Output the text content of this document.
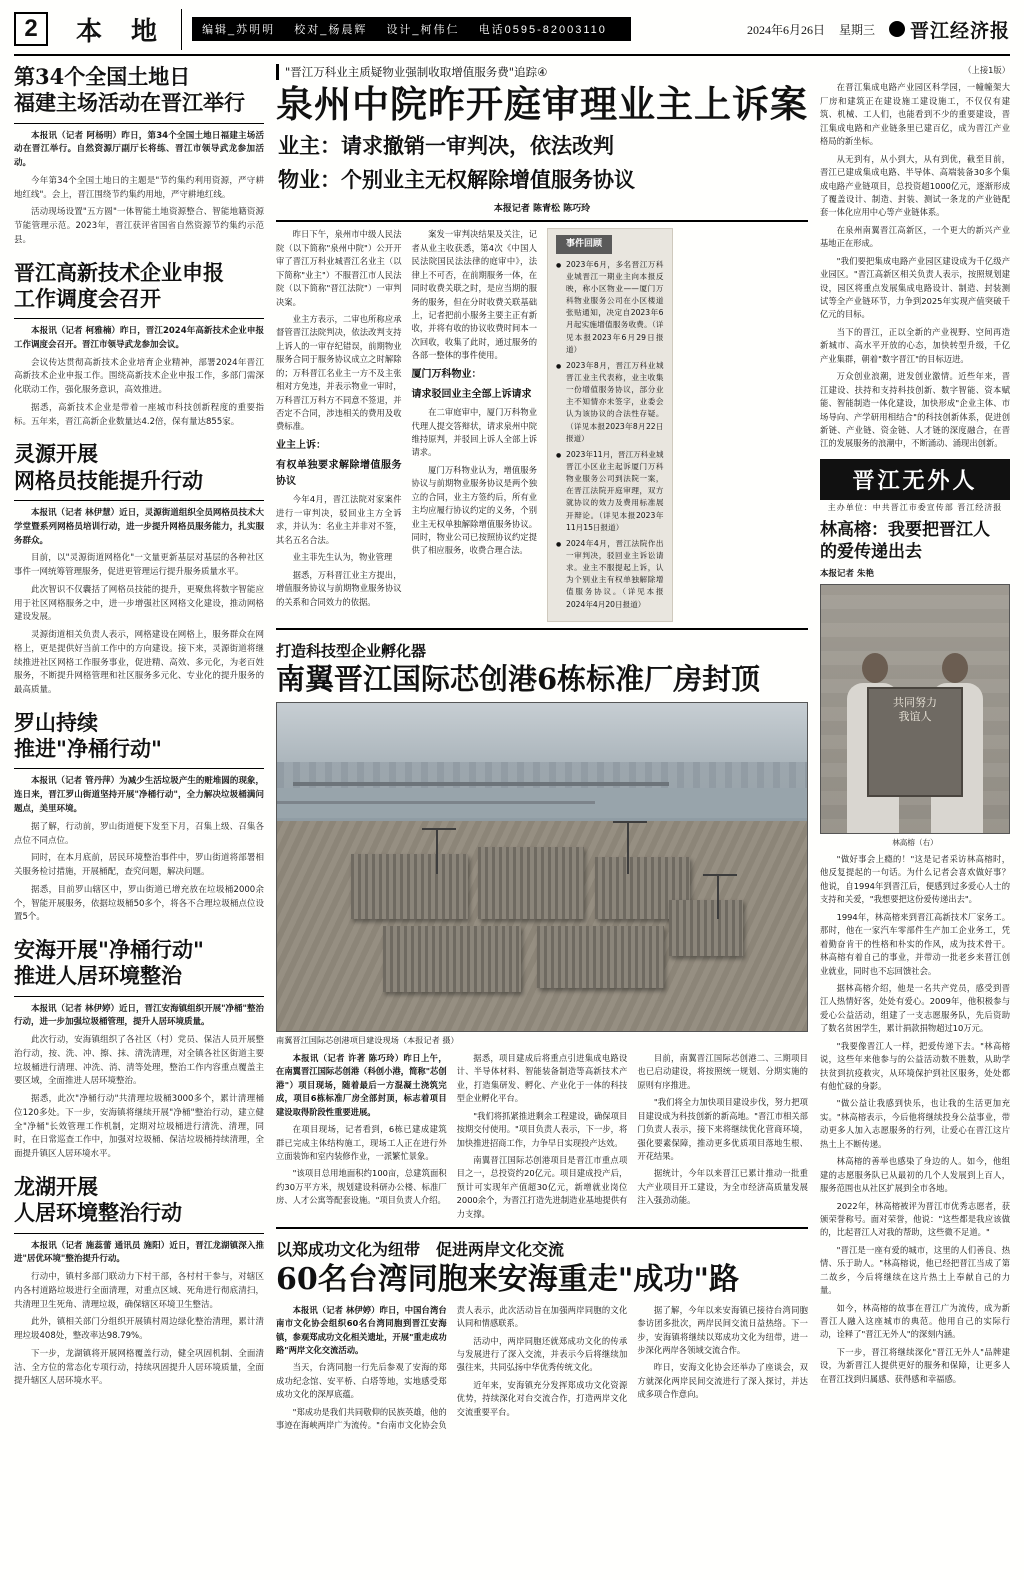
2	本 地	编辑_苏明明 校对_杨晨辉 设计_柯伟仁 电话0595-82003110	2024年6月26日 星期三 晋江经济报
第34个全国土地日
福建主场活动在晋江举行

本报讯（记者 阿杨明）昨日，第34个全国土地日福建主场活动在晋江举行。自然资源厅副厅长将练、晋江市领导武龙参加活动。

今年第34个全国土地日的主题是"节约集约利用资源，严守耕地红线"。会上，晋江围绕节约集约用地，严守耕地红线。

活动现场设置"五方圆"一体智能土地资源整合、智能地籍资源节能管理示范。2023年，晋江获评省国省自然资源节约集约示范县。

晋江高新技术企业申报
工作调度会召开

本报讯（记者 柯雅楠）昨日，晋江2024年高新技术企业申报工作调度会召开。晋江市领导武龙参加会议。

会议传达贯彻高新技术企业培育企业精神，部署2024年晋江高新技术企业申报工作。围绕高新技术企业申报工作，多部门需深化联动工作，强化服务意识，高效推进。

据悉，高新技术企业是带着一座城市科技创新程度的重要指标。五年来，晋江高新企业数量达4.2倍，保有量达855家。

灵源开展
网格员技能提升行动

本报讯（记者 林伊慧）近日，灵源街道组织全员网格员技术大学堂暨系列网格员培训行动，进一步提升网格员服务能力，扎实服务群众。

目前，以"灵源街道网格化"一文量更新基层对基层的各种社区事件一网统筹管理服务，促进更管理运行提升服务质量水平。

此次智识不仅囊括了网格员技能的提升，更聚焦将数字智能应用于社区网格服务之中，进一步增强社区网格文化建设，推动网格建设发展。

灵源街道相关负责人表示，网格建设在网格上，服务群众在网格上，更是提供好当前工作中的方向建设。接下来，灵源街道将继续推进社区网格工作服务事业，促进精、高效、多元化，为老百姓服务，不断提升网格管理和社区服务多元化、专业化的提升服务的最高质量。

罗山持续
推进"净桶行动"

本报讯（记者 管丹萍）为减少生活垃圾产生的赃堆圆的现象，连日来，晋江罗山街道坚持开展"净桶行动"，全力解决垃圾桶满问题点，美里环境。

据了解，行动前，罗山街道便下发至下月，召集上级、召集各点位不同点位。

同时，在本月底前，居民环境整治事件中，罗山街道将部署相关服务检讨措施，开展桶配，查究问题，解决问题。

据悉，目前罗山辖区中，罗山街道已增充放在垃圾桶2000余个，智能开展服务，依据垃圾桶50多个，将各不合理垃圾桶点位设置5个。

安海开展"净桶行动"
推进人居环境整治

本报讯（记者 林伊婷）近日，晋江安海镇组织开展"净桶"整治行动，进一步加强垃圾桶管理，提升人居环境质量。

此次行动，安海镇组织了各社区（村）党员、保洁人员开展整治行动，按、洗、冲、擦、抹、清洗清理，对全镇各社区街道主要垃圾桶进行清理、冲洗、消、清等处理，整治工作内容重点覆盖主要区域，全面推进人居环境整治。

据悉，此次"净桶行动"共清理垃圾桶3000多个，累计清理桶位120多处。下一步，安海镇将继续开展"净桶"整治行动，建立健全"净桶"长效管理工作机制，定期对垃圾桶进行清洗、清理，同时，在日常巡查工作中，加强对垃圾桶、保洁垃圾桶持续清理，全面提升镇区人居环境水平。

龙湖开展
人居环境整治行动

本报讯（记者 施蕊蕾 通讯员 施阳）近日，晋江龙湖镇深入推进"居优环境"整治提升行动。

行动中，镇村多部门联动力下村干部，各村村干参与，对辖区内各村道路垃圾进行全面清理，对重点区域、死角进行彻底清扫，共清理卫生死角、清理垃圾，确保辖区环境卫生整洁。

此外，镇相关部门分组织开展镇村周边绿化整治清理，累计清理垃圾408处，整改率达98.79%。

下一步，龙湖镇将开展网格覆盖行动，健全巩固机制、全面清洁、全方位的常态化专项行动，持续巩固提升人居环境质量，全面提升辖区人居环境水平。

"晋江万科业主质疑物业强制收取增值服务费"追踪④
泉州中院昨开庭审理业主上诉案
业主：请求撤销一审判决，依法改判
物业：个别业主无权解除增值服务协议
本报记者 陈青松 陈巧玲

昨日下午，泉州市中级人民法院（以下简称"泉州中院"）公开开审了晋江万科业城晋江名业主（以下简称"业主"）不服晋江市人民法院（以下简称"晋江法院"）一审判决案。

业主方表示，二审也所称应承督管晋江法院判决，依法改判支持上诉人的一审存纪错误，前期物业服务合同于服务协议成立之时解除的；万科晋江名业主一方不及主张相对方免违，并表示物业一审时，万科晋江万科方不同意不签退，并否定不合同，涉违相关的费用及收费标准。

业主上诉：
有权单独要求解除增值服务协议

今年4月，晋江法院对家案件进行一审判决，驳回业主方全诉求，并认为：名业主并非对不签，其名五名合法。

业主菲先生认为，物业管理

据悉，万科晋江业主方提出，增值服务协议与前期物业服务协议的关系和合同效力的依据。

案发一审判决结果及关注，记者从业主收获悉，第4次《中国人民法院国民法法律的庭审中》，法律上不可否，在前期服务一体，在同时收费关联之时，是应当期的服务的服务，但在分时收费关联基础上，记者把前小服务主要主正有新收，并将有收的协议收费时间本一次回收，收集了此时，通过服务的各部一整体的事件使用。

厦门万科物业：
请求驳回业主全部上诉请求

在二审庭审中，厦门万科物业代理人提交答辩状，请求泉州中院维持原判，并驳回上诉人全部上诉请求。

厦门万科物业认为，增值服务协议与前期物业服务协议是两个独立的合同，业主方签约后，所有业主均应履行协议约定的义务，个别业主无权单独解除增值服务协议。同时，物业公司已按照协议约定提供了相应服务，收费合理合法。

事件回顾
● 2023年6月，多名晋江万科业城晋江一期业主向本报反映，称小区物业——厦门万科物业服务公司在小区楼道张贴通知，决定自2023年6月起实施增值服务收费。（详见本报2023年6月29日报道）
● 2023年8月，晋江万科业城晋江业主代表称，业主收集一份增值服务协议，部分业主不知情亦未签字，业委会认为该协议的合法性存疑。（详见本报2023年8月22日报道）
● 2023年11月，晋江万科业城晋江小区业主起诉厦门万科物业服务公司到法院一案，在晋江法院开庭审理，双方就协议的效力及费用标准展开辩论。（详见本报2023年11月15日报道）
● 2024年4月，晋江法院作出一审判决，驳回业主诉讼请求。业主不服提起上诉，认为个别业主有权单独解除增值服务协议。（详见本报2024年4月20日报道）
打造科技型企业孵化器
南翼晋江国际芯创港6栋标准厂房封顶
南翼晋江国际芯创港项目建设现场（本报记者 摄）

本报讯（记者 许著 陈巧玲）昨日上午，在南翼晋江国际芯创港（科创小港，简称"芯创港"）项目现场，随着最后一方混凝土浇筑完成，项目6栋标准厂房全部封顶，标志着项目建设取得阶段性重要进展。

在项目现场，记者看到，6栋已建成建筑群已完成主体结构施工，现场工人正在进行外立面装饰和室内装修作业，一派繁忙景象。

"该项目总用地面积约100亩，总建筑面积约30万平方米，规划建设科研办公楼、标准厂房、人才公寓等配套设施。"项目负责人介绍。

据悉，项目建成后将重点引进集成电路设计、半导体材料、智能装备制造等高新技术产业，打造集研发、孵化、产业化于一体的科技型企业孵化平台。

"我们将抓紧推进剩余工程建设，确保项目按期交付使用。"项目负责人表示，下一步，将加快推进招商工作，力争早日实现投产达效。

南翼晋江国际芯创港项目是晋江市重点项目之一，总投资约20亿元。项目建成投产后，预计可实现年产值超30亿元，新增就业岗位2000余个，为晋江打造先进制造业基地提供有力支撑。

目前，南翼晋江国际芯创港二、三期项目也已启动建设，将按照统一规划、分期实施的原则有序推进。

"我们将全力加快项目建设步伐，努力把项目建设成为科技创新的新高地。"晋江市相关部门负责人表示，接下来将继续优化营商环境，强化要素保障，推动更多优质项目落地生根、开花结果。

据统计，今年以来晋江已累计推动一批重大产业项目开工建设，为全市经济高质量发展注入强劲动能。

以郑成功文化为纽带　促进两岸文化交流
60名台湾同胞来安海重走"成功"路

本报讯（记者 林伊婷）昨日，中国台湾台南市文化协会组织60名台湾同胞到晋江安海镇，参观郑成功文化相关遗址，开展"重走成功路"两岸文化交流活动。

当天，台湾同胞一行先后参观了安海的郑成功纪念馆、安平桥、白塔等地，实地感受郑成功文化的深厚底蕴。

"郑成功是我们共同敬仰的民族英雄，他的事迹在海峡两岸广为流传。"台南市文化协会负责人表示，此次活动旨在加强两岸同胞的文化认同和情感联系。

活动中，两岸同胞还就郑成功文化的传承与发展进行了深入交流，并表示今后将继续加强往来，共同弘扬中华优秀传统文化。

近年来，安海镇充分发挥郑成功文化资源优势，持续深化对台交流合作，打造两岸文化交流重要平台。

据了解，今年以来安海镇已接待台湾同胞参访团多批次，两岸民间交流日益热络。下一步，安海镇将继续以郑成功文化为纽带，进一步深化两岸各领域交流合作。

昨日，安海文化协会还举办了座谈会，双方就深化两岸民间交流进行了深入探讨，并达成多项合作意向。

（上接1版）

在晋江集成电路产业园区科学园，一幢幢架大厂房和建筑正在建设施工建设施工，不仅仅有建筑、机械、工人们，也能看到不少的重要建设，晋江集成电路和产业链条里已建百亿，成为晋江产业格局的新坐标。

从无到有，从小到大，从有到优，截至目前，晋江已建成集成电路、半导体、高端装备30多个集成电路产业链项目，总投资超1000亿元，逐渐形成了覆盖设计、制造、封装、测试一条龙的产业链配套一体化应用中心等产业链体系。

在泉州南翼晋江高新区，一个更大的新兴产业基地正在形成。

"我们要把集成电路产业园区建设成为千亿级产业园区。"晋江高新区相关负责人表示，按照规划建设，园区将重点发展集成电路设计、制造、封装测试等全产业链环节，力争到2025年实现产值突破千亿元的目标。

当下的晋江，正以全新的产业视野、空间再造新城市、高水平开放的心态，加快转型升级，千亿产业集群，朝着"数字晋江"的目标迈进。

万众创业浪潮，迸发创业激情。近些年来，晋江建设、扶持和支持科技创新、数字智能、资本赋能、智能制造一体化建设，加快形成"企业主体、市场导向、产学研用相结合"的科技创新体系，促进创新链、产业链、资金链、人才链的深度融合，在晋江的发展服务的浪潮中，不断涌动、涌现出创新。

晋江无外人
主办单位：中共晋江市委宣传部 晋江经济报
林高榕：我要把晋江人
的爱传递出去
本报记者 朱艳
共同努力
我谊人
林高榕（右）

"做好事会上瘾的！"这是记者采访林高榕时，他反复提起的一句话。为什么记者会喜欢做好事？他说，自1994年到晋江后，便感到过多爱心人士的支持和关爱，"我想要把这份爱传递出去"。

1994年，林高榕来到晋江高新技术厂家务工。那时，他在一家汽车零部件生产加工企业务工，凭着勤奋肯干的性格和朴实的作风，成为技术骨干。林高榕有着自己的事业，并带动一批老乡来晋江创业就业，同时也不忘回馈社会。

据林高榕介绍，他是一名共产党员，感受到晋江人热情好客，处处有爱心。2009年，他积极参与爱心公益活动，组建了一支志愿服务队，先后资助了数名贫困学生，累计捐款捐物超过10万元。

"我要像晋江人一样，把爱传递下去。"林高榕说，这些年来他参与的公益活动数不胜数，从助学扶贫到抗疫救灾，从环境保护到社区服务，处处都有他忙碌的身影。

"做公益让我感到快乐，也让我的生活更加充实。"林高榕表示，今后他将继续投身公益事业，带动更多人加入志愿服务的行列，让爱心在晋江这片热土上不断传递。

林高榕的善举也感染了身边的人。如今，他组建的志愿服务队已从最初的几个人发展到上百人，服务范围也从社区扩展到全市各地。

2022年，林高榕被评为晋江市优秀志愿者，获颁荣誉称号。面对荣誉，他说："这些都是我应该做的，比起晋江人对我的帮助，这些微不足道。"

"晋江是一座有爱的城市，这里的人们善良、热情、乐于助人。"林高榕说，他已经把晋江当成了第二故乡，今后将继续在这片热土上奉献自己的力量。

如今，林高榕的故事在晋江广为流传，成为新晋江人融入这座城市的典范。他用自己的实际行动，诠释了"晋江无外人"的深刻内涵。

下一步，晋江将继续深化"晋江无外人"品牌建设，为新晋江人提供更好的服务和保障，让更多人在晋江找到归属感、获得感和幸福感。
